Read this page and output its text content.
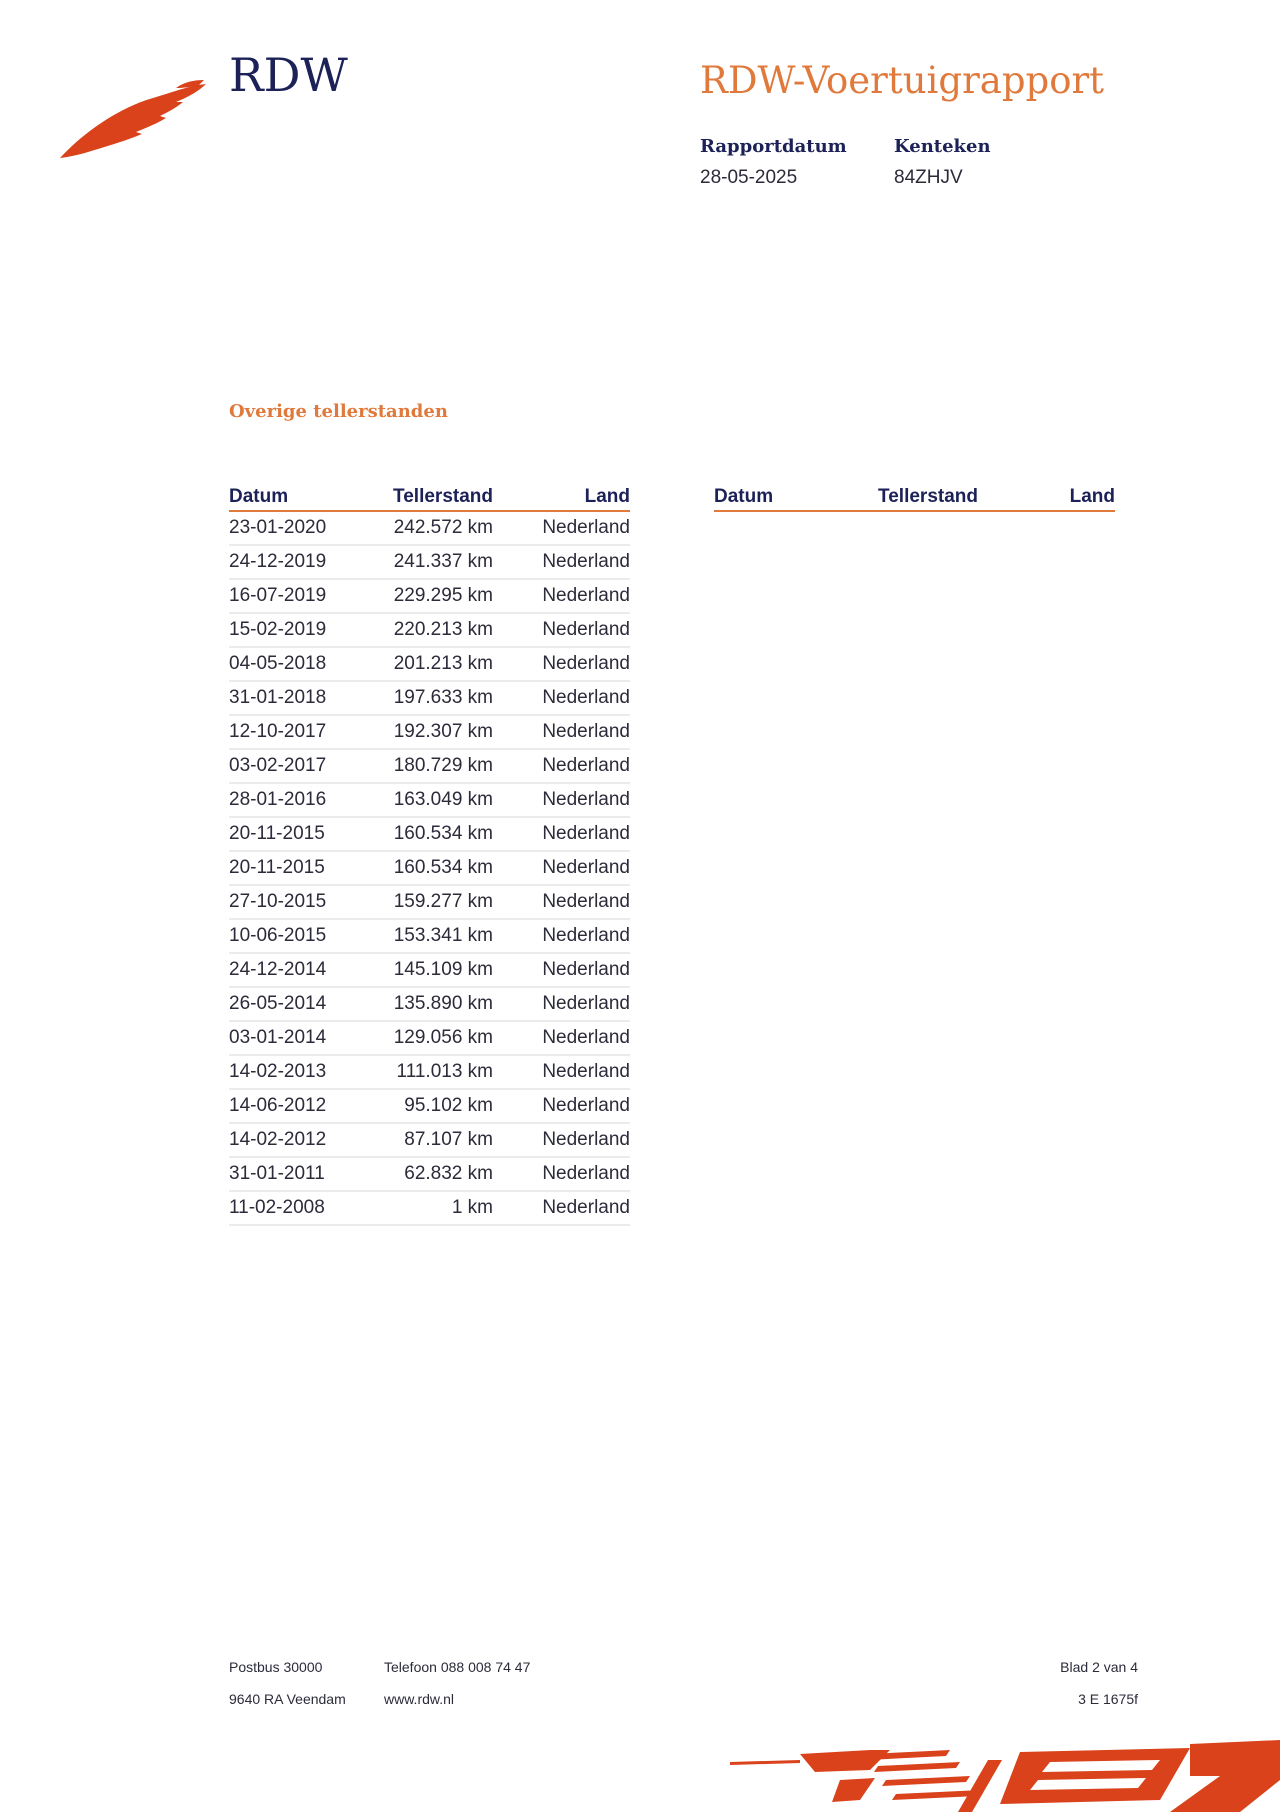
RDW	RDW-Voertuigrapport
Rapportdatum
28-05-2025
Kenteken
84ZHJV
Overige tellerstanden
Datum	Tellerstand	Land
23-01-2020	242.572 km	Nederland
24-12-2019	241.337 km	Nederland
16-07-2019	229.295 km	Nederland
15-02-2019	220.213 km	Nederland
04-05-2018	201.213 km	Nederland
31-01-2018	197.633 km	Nederland
12-10-2017	192.307 km	Nederland
03-02-2017	180.729 km	Nederland
28-01-2016	163.049 km	Nederland
20-11-2015	160.534 km	Nederland
20-11-2015	160.534 km	Nederland
27-10-2015	159.277 km	Nederland
10-06-2015	153.341 km	Nederland
24-12-2014	145.109 km	Nederland
26-05-2014	135.890 km	Nederland
03-01-2014	129.056 km	Nederland
14-02-2013	111.013 km	Nederland
14-06-2012	95.102 km	Nederland
14-02-2012	87.107 km	Nederland
31-01-2011	62.832 km	Nederland
11-02-2008	1 km	Nederland
Datum	Tellerstand	Land
Postbus 30000
9640 RA Veendam
Telefoon 088 008 74 47
www.rdw.nl
Blad 2 van 4
3 E 1675f
